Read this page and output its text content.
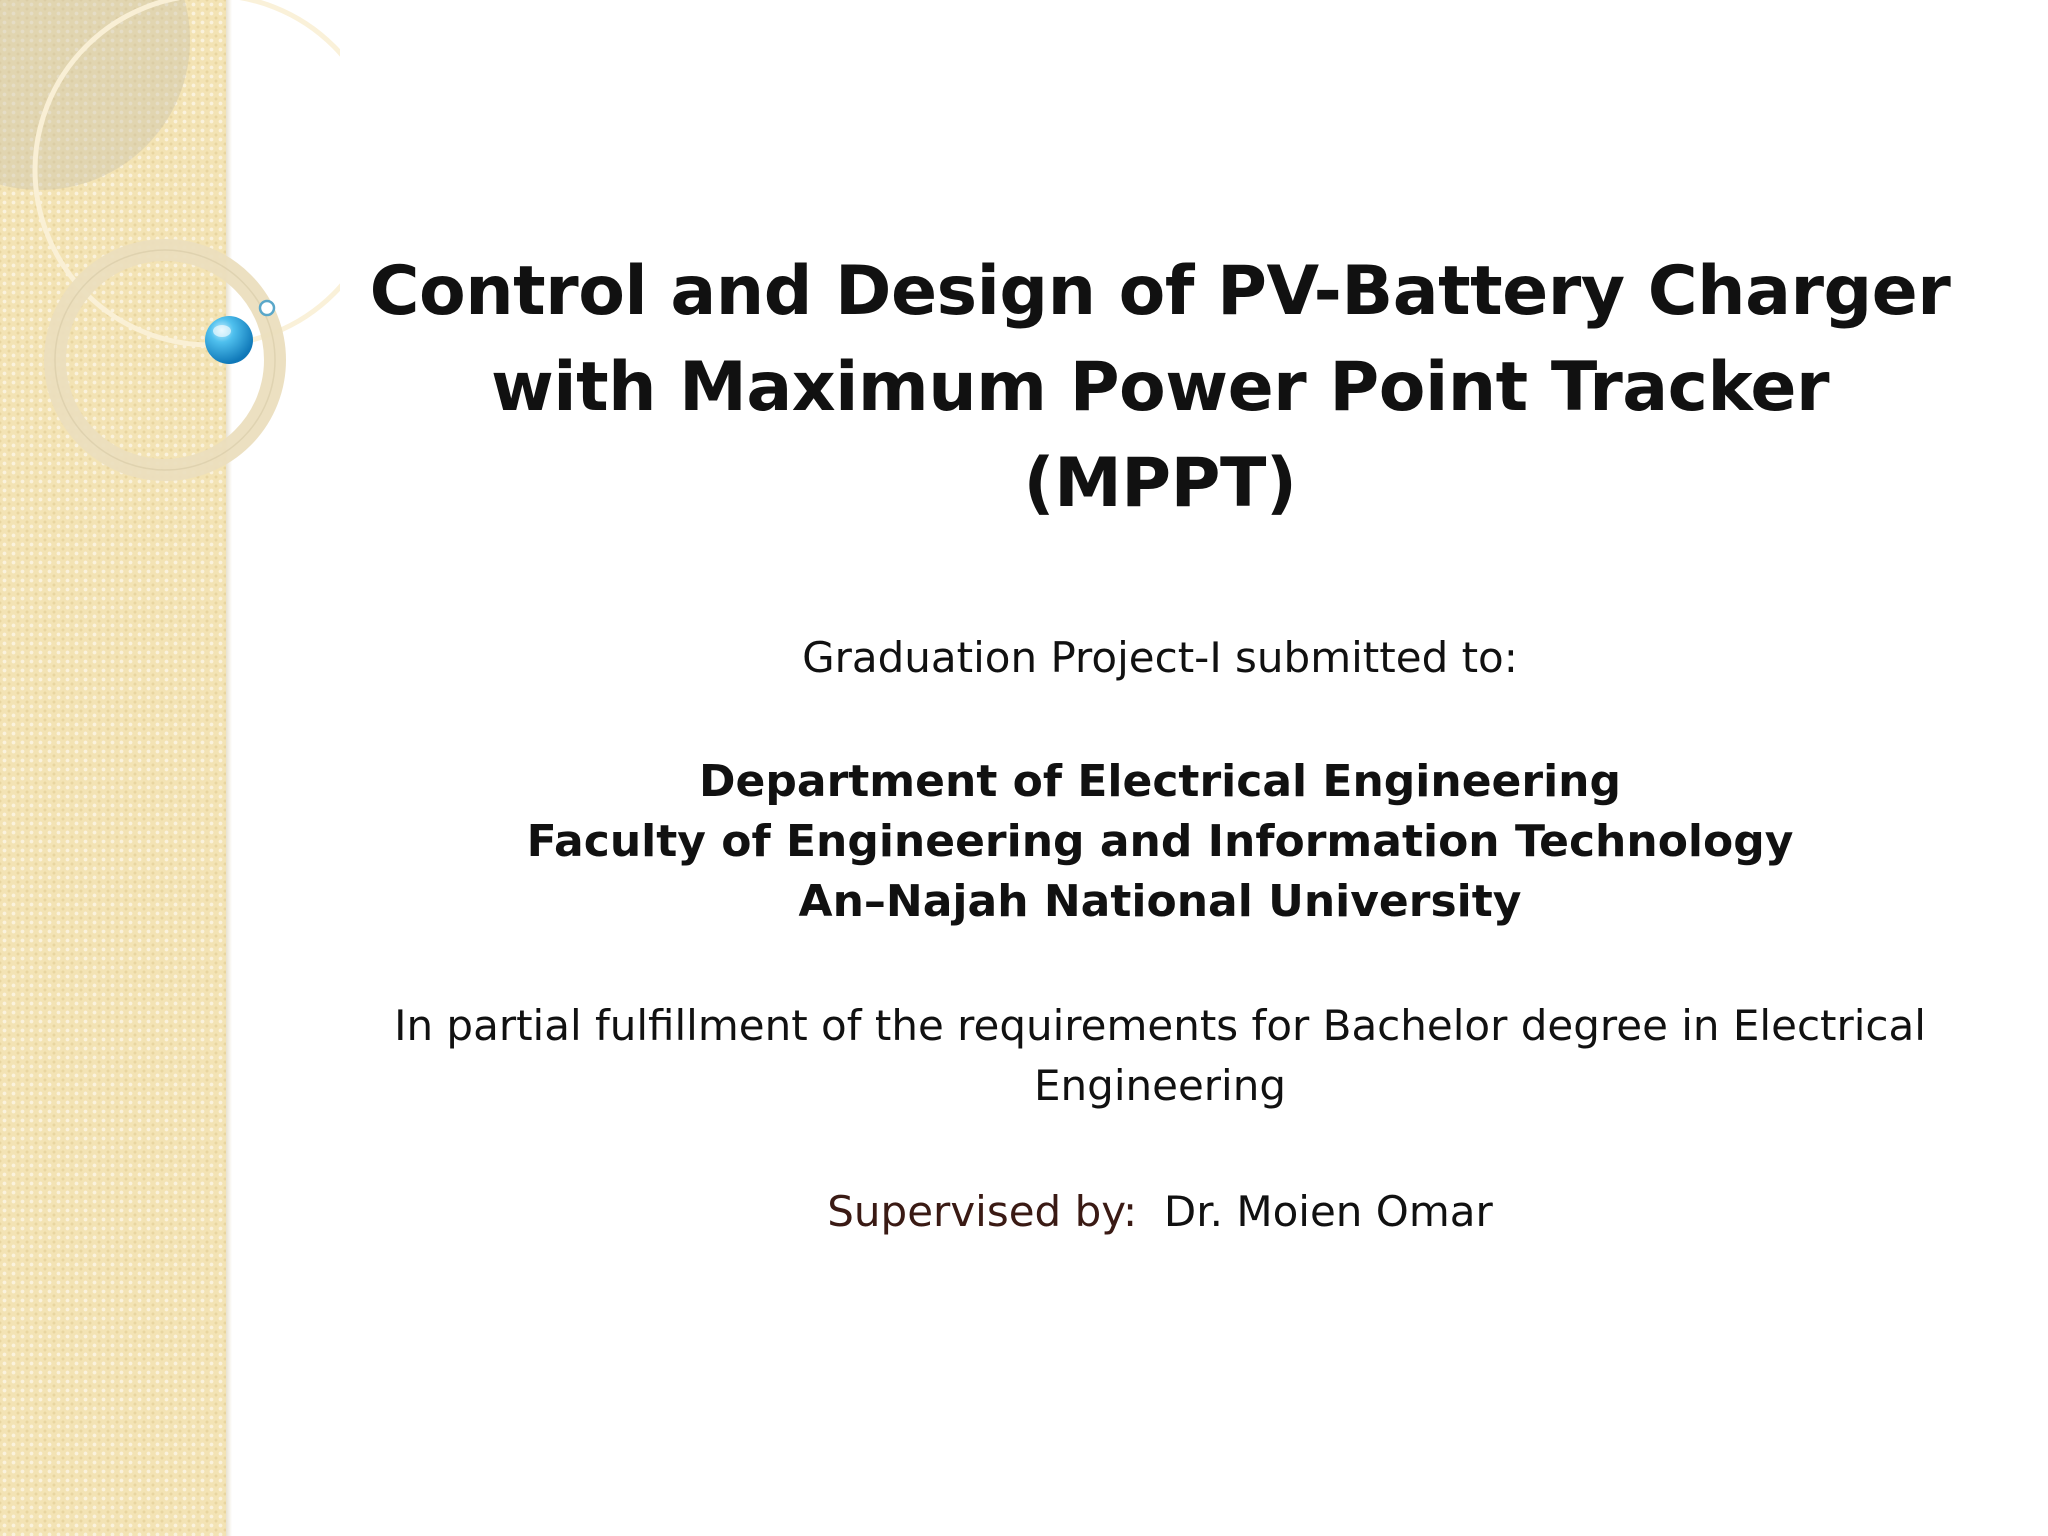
Control and Design of PV-Battery Charger
with Maximum Power Point Tracker
(MPPT)

Graduation Project-I submitted to:

Department of Electrical Engineering

Faculty of Engineering and Information Technology

An–Najah National University

In partial fulfillment of the requirements for Bachelor degree in Electrical

Engineering

Supervised by: Dr. Moien Omar
